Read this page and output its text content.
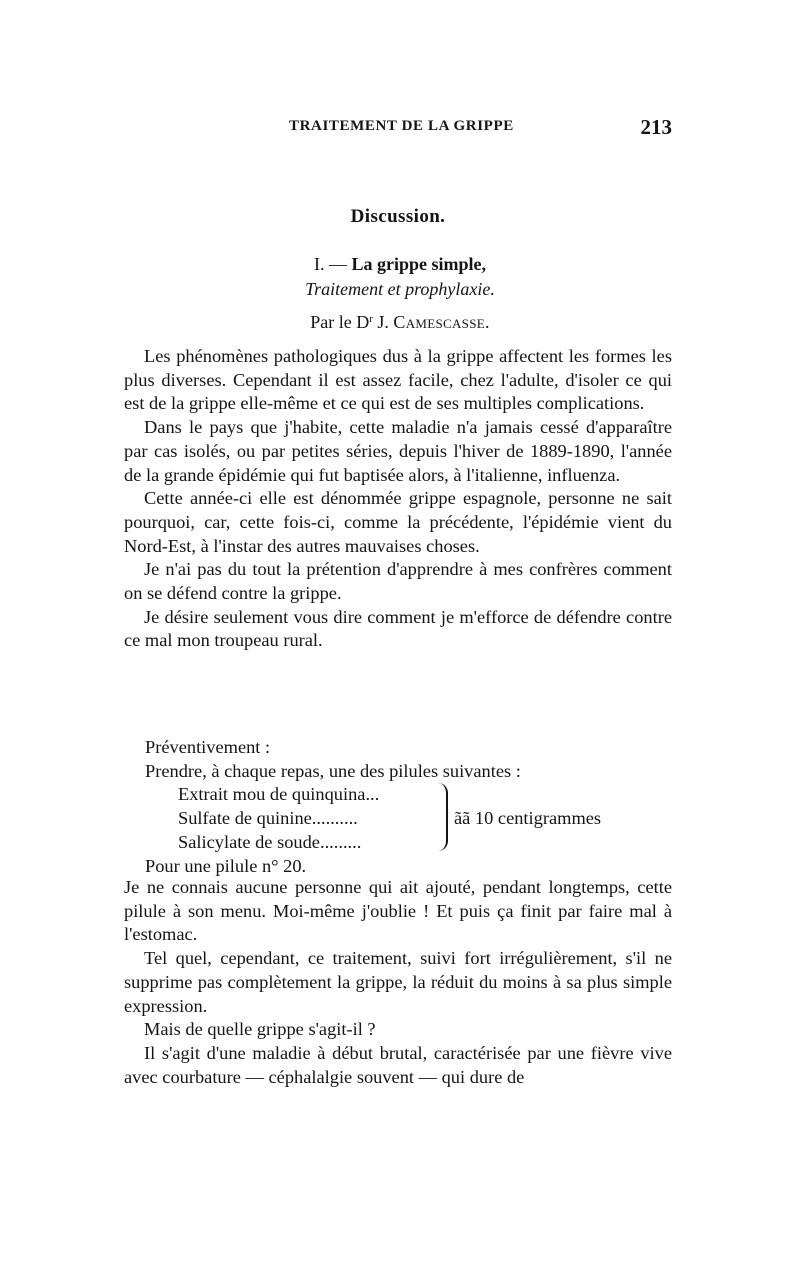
TRAITEMENT DE LA GRIPPE	213
Discussion.
I. — La grippe simple,
Traitement et prophylaxie.
Par le $D^r$ J. Camescasse.

Les phénomènes pathologiques dus à la grippe affectent les formes les plus diverses. Cependant il est assez facile, chez l'adulte, d'isoler ce qui est de la grippe elle-même et ce qui est de ses multiples complications.

Dans le pays que j'habite, cette maladie n'a jamais cessé d'apparaître par cas isolés, ou par petites séries, depuis l'hiver de 1889-1890, l'année de la grande épidémie qui fut baptisée alors, à l'italienne, influenza.

Cette année-ci elle est dénommée grippe espagnole, personne ne sait pourquoi, car, cette fois-ci, comme la précédente, l'épidémie vient du Nord-Est, à l'instar des autres mauvaises choses.

Je n'ai pas du tout la prétention d'apprendre à mes confrères comment on se défend contre la grippe.

Je désire seulement vous dire comment je m'efforce de défendre contre ce mal mon troupeau rural.

Préventivement :

Prendre, à chaque repas, une des pilules suivantes :

Extrait mou de quinquina...
Sulfate de quinine..........
Salicylate de soude.........
ãã 10 centigrammes

Pour une pilule n° 20.

Je ne connais aucune personne qui ait ajouté, pendant longtemps, cette pilule à son menu. Moi-même j'oublie ! Et puis ça finit par faire mal à l'estomac.

Tel quel, cependant, ce traitement, suivi fort irrégulièrement, s'il ne supprime pas complètement la grippe, la réduit du moins à sa plus simple expression.

Mais de quelle grippe s'agit-il ?

Il s'agit d'une maladie à début brutal, caractérisée par une fièvre vive avec courbature — céphalalgie souvent — qui dure de
